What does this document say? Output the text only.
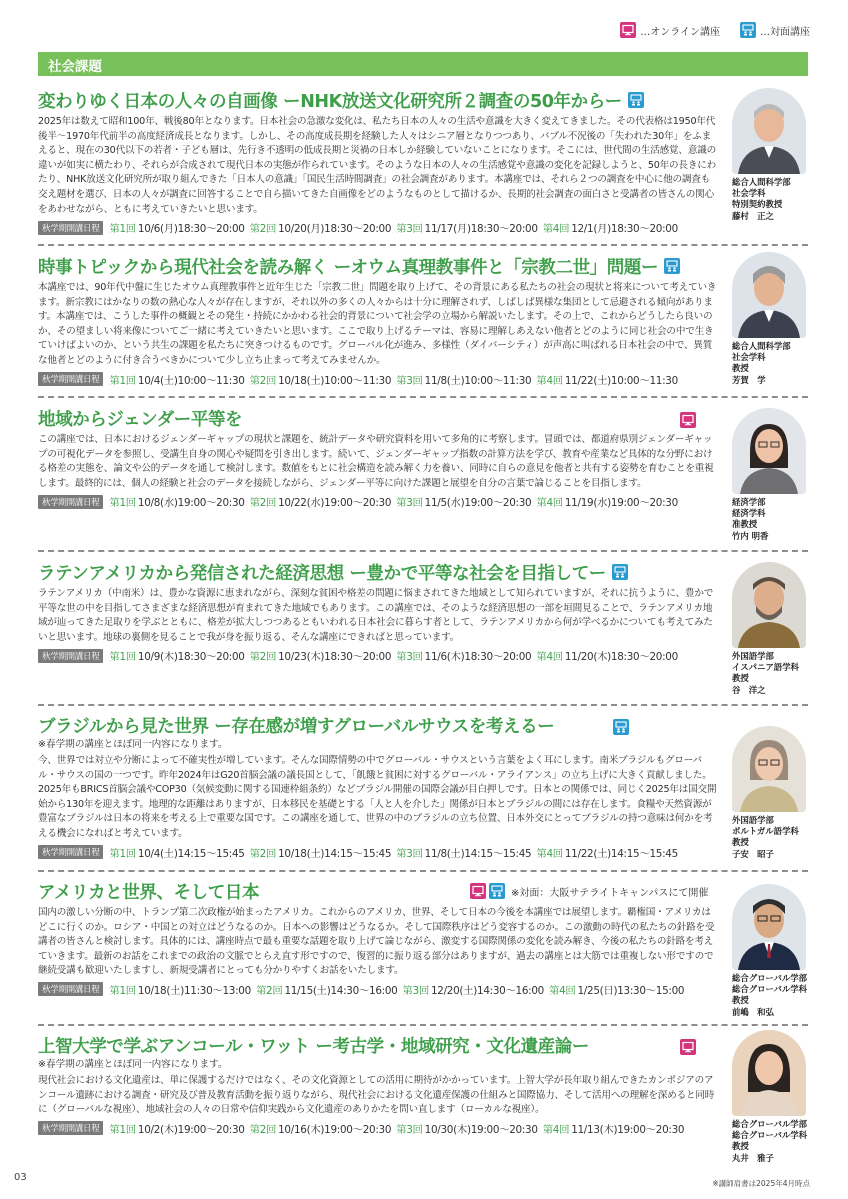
…オンライン講座	…対面講座
社会課題
変わりゆく日本の人々の自画像 ーNHK放送文化研究所２調査の50年からー
2025年は数えて昭和100年、戦後80年となります。日本社会の急激な変化は、私たち日本の人々の生活や意識を大きく変えてきました。その代表格は1950年代後半〜1970年代前半の高度経済成長となります。しかし、その高度成長期を経験した人々はシニア層となりつつあり、バブル不況後の「失われた30年」をふまえると、現在の30代以下の若者・子ども層は、先行き不透明の低成長期と災禍の日本しか経験していないことになります。そこには、世代間の生活感覚、意識の違いが如実に横たわり、それらが合成されて現代日本の実態が作られています。そのような日本の人々の生活感覚や意識の変化を記録しようと、50年の長きにわたり、NHK放送文化研究所が取り組んできた「日本人の意識」「国民生活時間調査」の社会調査があります。本講座では、それら２つの調査を中心に他の調査も交え題材を選び、日本の人々が調査に回答することで自ら描いてきた自画像をどのようなものとして描けるか、長期的社会調査の面白さと受講者の皆さんの関心をあわせながら、ともに考えていきたいと思います。
秋学期開講日程 第1回 10/6(月)18:30〜20:00 第2回 10/20(月)18:30〜20:00 第3回 11/17(月)18:30〜20:00 第4回 12/1(月)18:30〜20:00
総合人間科学部
社会学科
特別契約教授
藤村　正之
時事トピックから現代社会を読み解く ーオウム真理教事件と「宗教二世」問題ー
本講座では、90年代中盤に生じたオウム真理教事件と近年生じた「宗教二世」問題を取り上げて、その背景にある私たちの社会の現状と将来について考えていきます。新宗教にはかなりの数の熱心な人々が存在しますが、それ以外の多くの人々からは十分に理解されず、しばしば異様な集団として忌避される傾向があります。本講座では、こうした事件の概観とその発生・持続にかかわる社会的背景について社会学の立場から解説いたします。その上で、これからどうしたら良いのか、その望ましい将来像についてご一緒に考えていきたいと思います。ここで取り上げるテーマは、容易に理解しあえない他者とどのように同じ社会の中で生きていけばよいのか、という共生の課題を私たちに突きつけるものです。グローバル化が進み、多様性（ダイバーシティ）が声高に叫ばれる日本社会の中で、異質な他者とどのように付き合うべきかについて少し立ち止まって考えてみませんか。
秋学期開講日程 第1回 10/4(土)10:00〜11:30 第2回 10/18(土)10:00〜11:30 第3回 11/8(土)10:00〜11:30 第4回 11/22(土)10:00〜11:30
総合人間科学部
社会学科
教授
芳賀　学
地域からジェンダー平等を
この講座では、日本におけるジェンダーギャップの現状と課題を、統計データや研究資料を用いて多角的に考察します。冒頭では、都道府県別ジェンダーギャップの可視化データを参照し、受講生自身の関心や疑問を引き出します。続いて、ジェンダーギャップ指数の計算方法を学び、教育や産業など具体的な分野における格差の実態を、論文や公的データを通して検討します。数値をもとに社会構造を読み解く力を養い、同時に自らの意見を他者と共有する姿勢を育むことを重視します。最終的には、個人の経験と社会のデータを接続しながら、ジェンダー平等に向けた課題と展望を自分の言葉で論じることを目指します。
秋学期開講日程 第1回 10/8(水)19:00〜20:30 第2回 10/22(水)19:00〜20:30 第3回 11/5(水)19:00〜20:30 第4回 11/19(水)19:00〜20:30	経済学部
経済学科
准教授
竹内 明香
ラテンアメリカから発信された経済思想 ー豊かで平等な社会を目指してー
ラテンアメリカ（中南米）は、豊かな資源に恵まれながら、深刻な貧困や格差の問題に悩まされてきた地域として知られていますが、それに抗うように、豊かで平等な世の中を目指してさまざまな経済思想が育まれてきた地域でもあります。この講座では、そのような経済思想の一部を垣間見ることで、ラテンアメリカ地域が辿ってきた足取りを学ぶとともに、格差が拡大しつつあるともいわれる日本社会に暮らす者として、ラテンアメリカから何が学べるかについても考えてみたいと思います。地球の裏側を見ることで我が身を振り返る、そんな講座にできればと思っています。
秋学期開講日程 第1回 10/9(木)18:30〜20:00 第2回 10/23(木)18:30〜20:00 第3回 11/6(木)18:30〜20:00 第4回 11/20(木)18:30〜20:00	外国語学部
イスパニア語学科
教授
谷　洋之
ブラジルから見た世界 ー存在感が増すグローバルサウスを考えるー
※春学期の講座とほぼ同一内容になります。
今、世界では対立や分断によって不確実性が増しています。そんな国際情勢の中でグローバル・サウスという言葉をよく耳にします。南米ブラジルもグローバル・サウスの国の一つです。昨年2024年はG20首脳会議の議長国として、「飢餓と貧困に対するグローバル・アライアンス」の立ち上げに大きく貢献しました。2025年もBRICS首脳会議やCOP30（気候変動に関する国連枠組条約）などブラジル開催の国際会議が目白押しです。日本との関係では、同じく2025年は国交開始から130年を迎えます。地理的な距離はありますが、日本移民を基礎とする「人と人を介した」関係が日本とブラジルの間には存在します。食糧や天然資源が豊富なブラジルは日本の将来を考える上で重要な国です。この講座を通して、世界の中のブラジルの立ち位置、日本外交にとってブラジルの持つ意味は何かを考える機会になればと考えています。
秋学期開講日程 第1回 10/4(土)14:15〜15:45 第2回 10/18(土)14:15〜15:45 第3回 11/8(土)14:15〜15:45 第4回 11/22(土)14:15〜15:45
外国語学部
ポルトガル語学科
教授
子安　昭子
アメリカと世界、そして日本
国内の激しい分断の中、トランプ第二次政権が始まったアメリカ。これからのアメリカ、世界、そして日本の今後を本講座では展望します。覇権国・アメリカはどこに行くのか。ロシア・中国との対立はどうなるのか。日本への影響はどうなるか。そして国際秩序はどう変容するのか。この激動の時代の私たちの針路を受講者の皆さんと検討します。具体的には、講座時点で最も重要な話題を取り上げて論じながら、激変する国際関係の変化を読み解き、今後の私たちの針路を考えていきます。最新のお話をこれまでの政治の文脈でとらえ直す形ですので、復習的に振り返る部分はありますが、過去の講座とは大筋では重複しない形ですので継続受講も歓迎いたしますし、新規受講者にとっても分かりやすくお話をいたします。
秋学期開講日程 第1回 10/18(土)11:30〜13:00 第2回 11/15(土)14:30〜16:00 第3回 12/20(土)14:30〜16:00 第4回 1/25(日)13:30〜15:00
※対面：大阪サテライトキャンパスにて開催
総合グローバル学部
総合グローバル学科
教授
前嶋　和弘
上智大学で学ぶアンコール・ワット ー考古学・地域研究・文化遺産論ー
※春学期の講座とほぼ同一内容になります。
現代社会における文化遺産は、単に保護するだけではなく、その文化資源としての活用に期待がかかっています。上智大学が長年取り組んできたカンボジアのアンコール遺跡における調査・研究及び普及教育活動を振り返りながら、現代社会における文化遺産保護の仕組みと国際協力、そして活用への理解を深めると同時に（グローバルな視座）、地域社会の人々の日常や信仰実践から文化遺産のありかたを問い直します（ローカルな視座）。
秋学期開講日程 第1回 10/2(木)19:00〜20:30 第2回 10/16(木)19:00〜20:30 第3回 10/30(木)19:00〜20:30 第4回 11/13(木)19:00〜20:30	総合グローバル学部
総合グローバル学科
教授
丸井　雅子
03
※講師肩書は2025年4月時点
